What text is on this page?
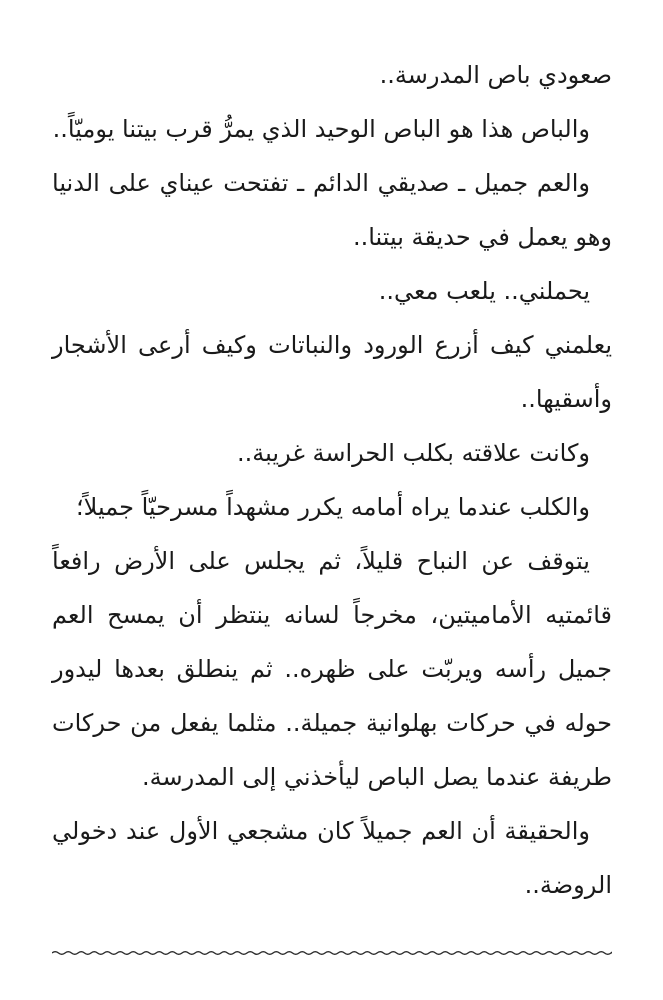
صعودي باص المدرسة..

والباص هذا هو الباص الوحيد الذي يمرُّ قرب بيتنا يوميّاً..

والعم جميل ـ صديقي الدائم ـ تفتحت عيناي على الدنيا وهو يعمل في حديقة بيتنا..

يحملني.. يلعب معي..

يعلمني كيف أزرع الورود والنباتات وكيف أرعى الأشجار وأسقيها..

وكانت علاقته بكلب الحراسة غريبة..

والكلب عندما يراه أمامه يكرر مشهداً مسرحيّاً جميلاً؛

يتوقف عن النباح قليلاً، ثم يجلس على الأرض رافعاً قائمتيه الأماميتين، مخرجاً لسانه ينتظر أن يمسح العم جميل رأسه ويربّت على ظهره.. ثم ينطلق بعدها ليدور حوله في حركات بهلوانية جميلة.. مثلما يفعل من حركات طريفة عندما يصل الباص ليأخذني إلى المدرسة.

والحقيقة أن العم جميلاً كان مشجعي الأول عند دخولي الروضة..
